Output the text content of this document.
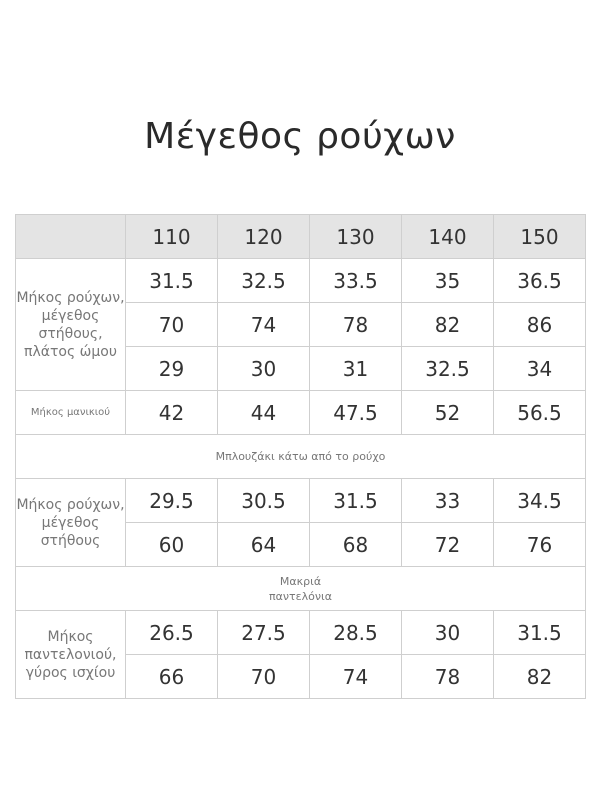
Μέγεθος ρούχων
	110	120	130	140	150
Μήκος ρούχων, μέγεθος στήθους, πλάτος ώμου	31.5	32.5	33.5	35	36.5
	70	74	78	82	86
	29	30	31	32.5	34
Μήκος μανικιού	42	44	47.5	52	56.5
Μπλουζάκι κάτω από το ρούχο					
Μήκος ρούχων, μέγεθος στήθους	29.5	30.5	31.5	33	34.5
	60	64	68	72	76
Μακριά παντελόνια					
Μήκος παντελονιού, γύρος ισχίου	26.5	27.5	28.5	30	31.5
	66	70	74	78	82
